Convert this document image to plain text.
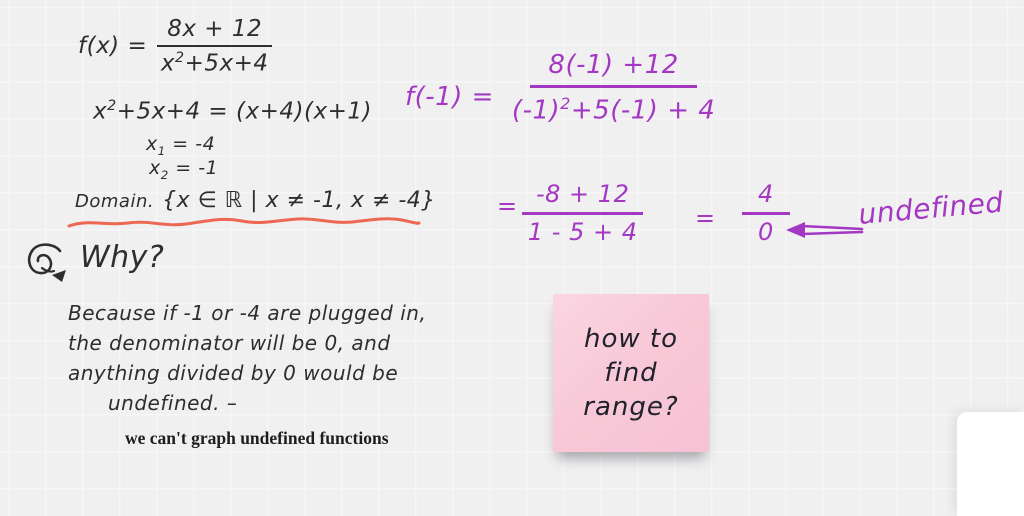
$f(x) = \frac{8x + 12}{x^2+5x+4}$
$x^2+5x+4 = (x+4)(x+1)$
$x_1 = -4$
$x_2 = -1$
Domain. {x ∈ ℝ | x ≠ -1, x ≠ -4}
Why?
Because if -1 or -4 are plugged in,
the denominator will be 0, and
anything divided by 0 would be
undefined. –
we can't graph undefined functions
$f(-1) = \frac{8(-1) +12}{(-1)^2+5(-1) + 4}$
= $\frac{-8 + 12}{1 - 5 + 4} = \frac{4}{0}$ undefined
how to
find
range?
